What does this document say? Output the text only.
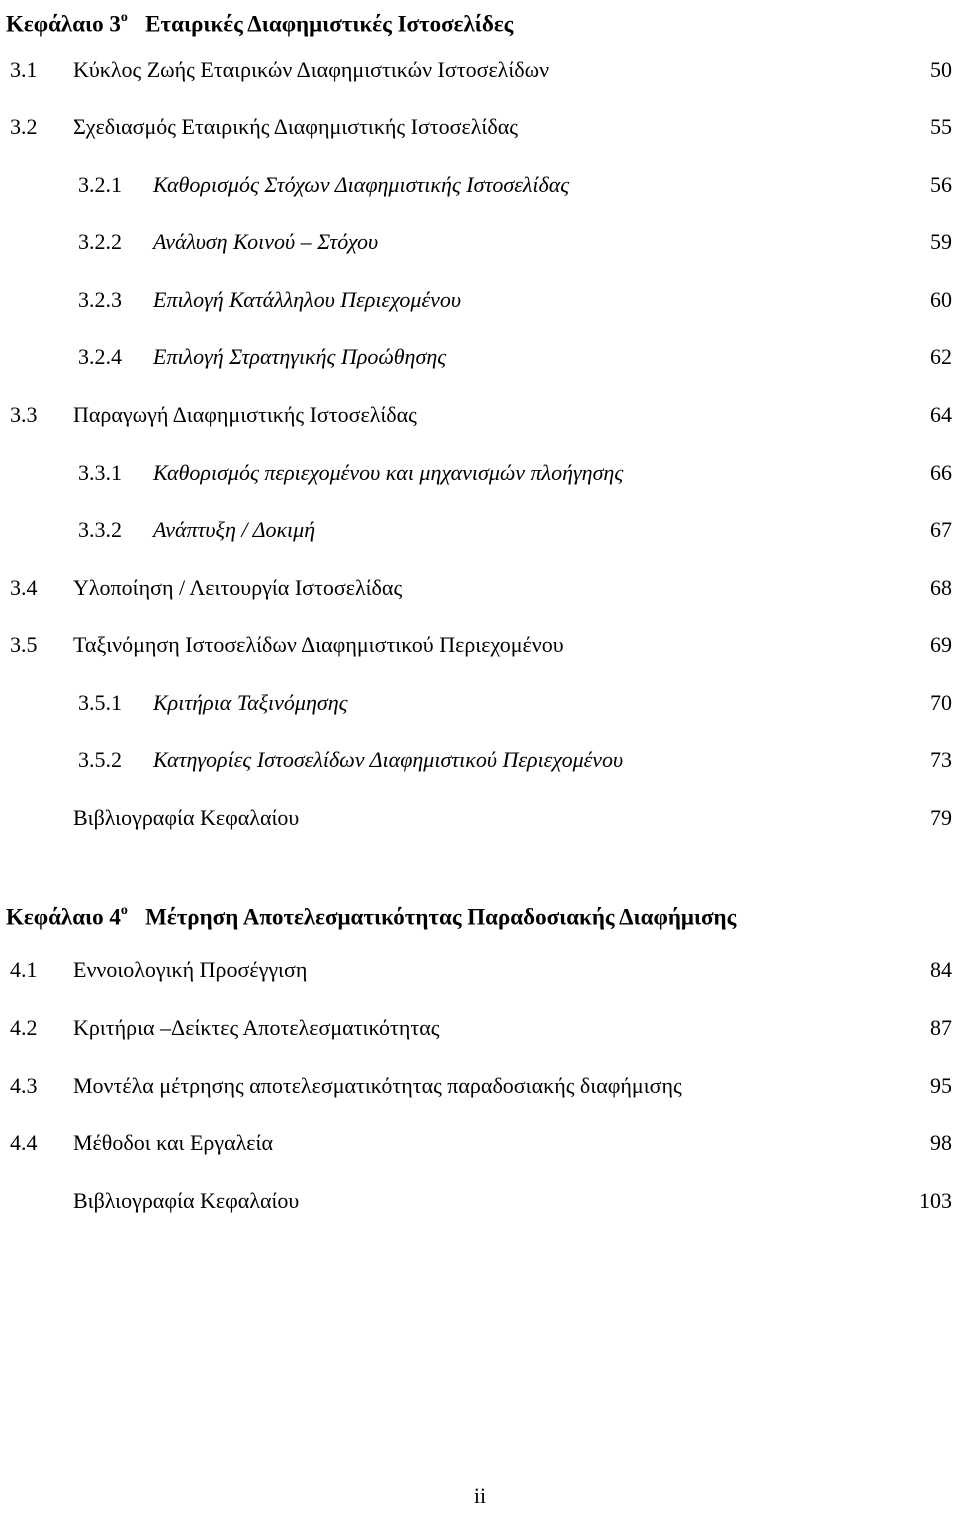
Κεφάλαιο $3^o$ Εταιρικές Διαφημιστικές Ιστοσελίδες
3.1 Κύκλος Ζωής Εταιρικών Διαφημιστικών Ιστοσελίδων	50
3.2 Σχεδιασμός Εταιρικής Διαφημιστικής Ιστοσελίδας	55
3.2.1 Καθορισμός Στόχων Διαφημιστικής Ιστοσελίδας	56
3.2.2 Ανάλυση Κοινού – Στόχου	59
3.2.3 Επιλογή Κατάλληλου Περιεχομένου	60
3.2.4 Επιλογή Στρατηγικής Προώθησης	62
3.3 Παραγωγή Διαφημιστικής Ιστοσελίδας	64
3.3.1 Καθορισμός περιεχομένου και μηχανισμών πλοήγησης	66
3.3.2 Ανάπτυξη / Δοκιμή	67
3.4 Υλοποίηση / Λειτουργία Ιστοσελίδας	68
3.5 Ταξινόμηση Ιστοσελίδων Διαφημιστικού Περιεχομένου	69
3.5.1 Κριτήρια Ταξινόμησης	70
3.5.2 Κατηγορίες Ιστοσελίδων Διαφημιστικού Περιεχομένου	73
Βιβλιογραφία Κεφαλαίου	79
Κεφάλαιο $4^o$ Μέτρηση Αποτελεσματικότητας Παραδοσιακής Διαφήμισης
4.1 Εννοιολογική Προσέγγιση	84
4.2 Κριτήρια –Δείκτες Αποτελεσματικότητας	87
4.3 Μοντέλα μέτρησης αποτελεσματικότητας παραδοσιακής διαφήμισης	95
4.4 Μέθοδοι και Εργαλεία	98
Βιβλιογραφία Κεφαλαίου	103
ii
